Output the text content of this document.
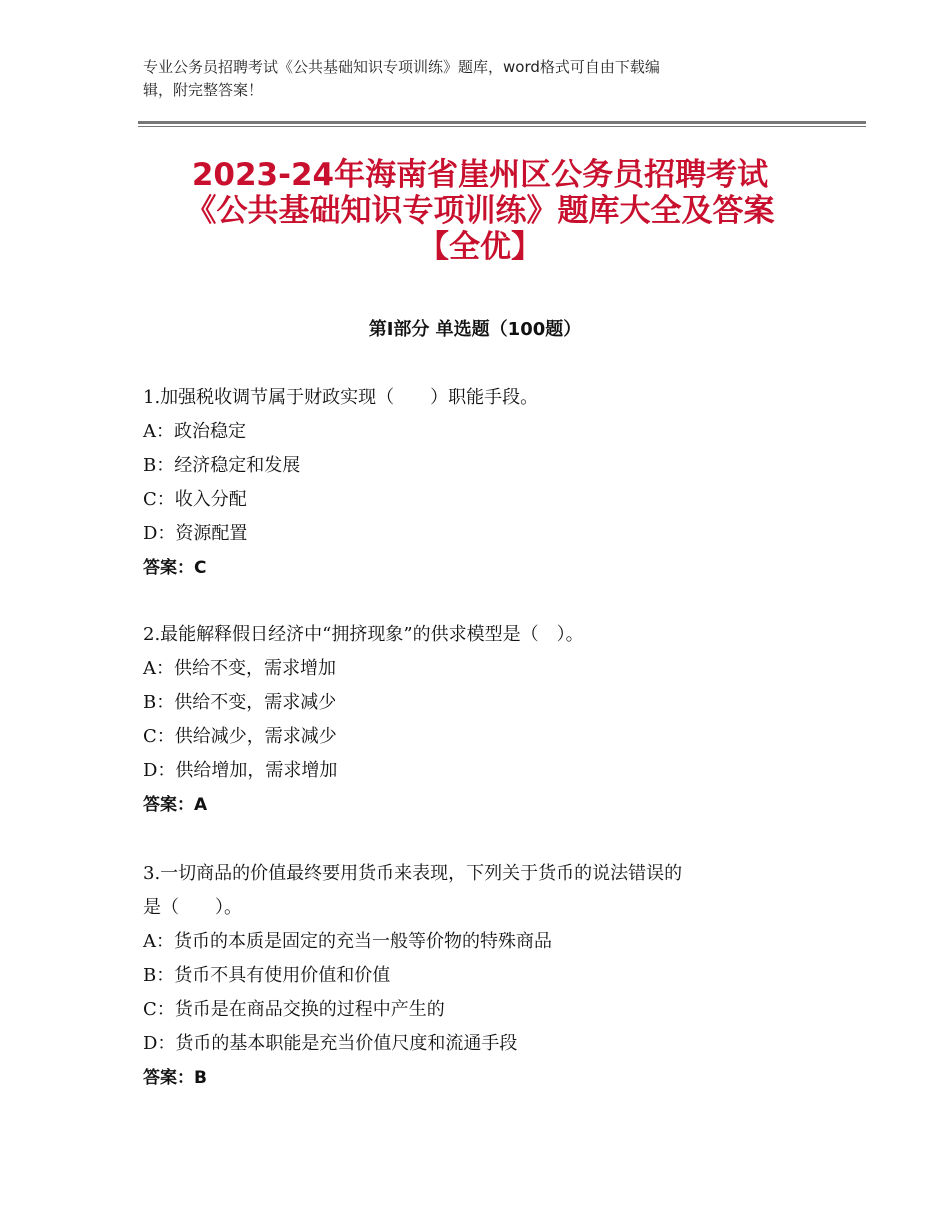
专业公务员招聘考试《公共基础知识专项训练》题库，word格式可自由下载编
辑，附完整答案！
2023-24年海南省崖州区公务员招聘考试
《公共基础知识专项训练》题库大全及答案
【全优】
第Ⅰ部分 单选题（100题）
1.加强税收调节属于财政实现（　　）职能手段。
A：政治稳定
B：经济稳定和发展
C：收入分配
D：资源配置
答案：C
2.最能解释假日经济中“拥挤现象”的供求模型是（　）。
A：供给不变，需求增加
B：供给不变，需求减少
C：供给减少，需求减少
D：供给增加，需求增加
答案：A
3.一切商品的价值最终要用货币来表现，下列关于货币的说法错误的
是（　　）。
A：货币的本质是固定的充当一般等价物的特殊商品
B：货币不具有使用价值和价值
C：货币是在商品交换的过程中产生的
D：货币的基本职能是充当价值尺度和流通手段
答案：B
